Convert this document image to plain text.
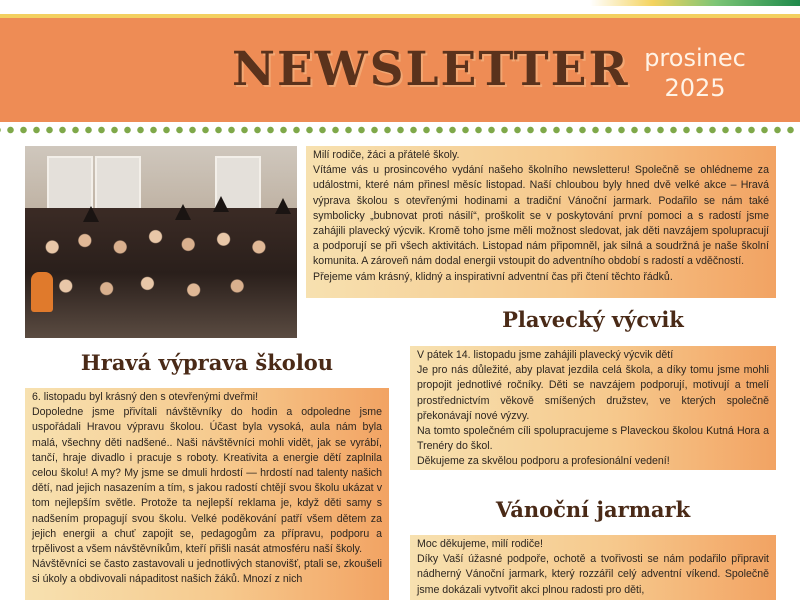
NEWSLETTER prosinec
2025

Milí rodiče, žáci a přátelé školy.

Vítáme vás u prosincového vydání našeho školního newsletteru! Společně se ohlédneme za událostmi, které nám přinesl měsíc listopad. Naší chloubou byly hned dvě velké akce – Hravá výprava školou s otevřenými hodinami a tradiční Vánoční jarmark. Podařilo se nám také symbolicky „bubnovat proti násilí“, proškolit se v poskytování první pomoci a s radostí jsme zahájili plavecký výcvik. Kromě toho jsme měli možnost sledovat, jak děti navzájem spolupracují a podporují se při všech aktivitách. Listopad nám připomněl, jak silná a soudržná je naše školní komunita. A zároveň nám dodal energii vstoupit do adventního období s radostí a vděčností.

Přejeme vám krásný, klidný a inspirativní adventní čas při čtení těchto řádků.

Plavecký výcvik

V pátek 14. listopadu jsme zahájili plavecký výcvik dětí

Je pro nás důležité, aby plavat jezdila celá škola, a díky tomu jsme mohli propojit jednotlivé ročníky. Děti se navzájem podporují, motivují a tmelí prostřednictvím věkově smíšených družstev, ve kterých společně překonávají nové výzvy.

Na tomto společném cíli spolupracujeme s Plaveckou školou Kutná Hora a Trenéry do škol.

Děkujeme za skvělou podporu a profesionální vedení!

Hravá výprava školou

6. listopadu byl krásný den s otevřenými dveřmi!

Dopoledne jsme přivítali návštěvníky do hodin a odpoledne jsme uspořádali Hravou výpravu školou. Účast byla vysoká, aula nám byla malá, všechny děti nadšené.. Naši návštěvníci mohli vidět, jak se vyrábí, tančí, hraje divadlo i pracuje s roboty. Kreativita a energie dětí zaplnila celou školu! A my? My jsme se dmuli hrdostí — hrdostí nad talenty našich dětí, nad jejich nasazením a tím, s jakou radostí chtějí svou školu ukázat v tom nejlepším světle. Protože ta nejlepší reklama je, když děti samy s nadšením propagují svou školu. Velké poděkování patří všem dětem za jejich energii a chuť zapojit se, pedagogům za přípravu, podporu a trpělivost a všem návštěvníkům, kteří přišli nasát atmosféru naší školy.

Návštěvníci se často zastavovali u jednotlivých stanovišť, ptali se, zkoušeli si úkoly a obdivovali nápaditost našich žáků. Mnozí z nich

Vánoční jarmark

Moc děkujeme, milí rodiče!

Díky Vaší úžasné podpoře, ochotě a tvořivosti se nám podařilo připravit nádherný Vánoční jarmark, který rozzářil celý adventní víkend. Společně jsme dokázali vytvořit akci plnou radosti pro děti,
